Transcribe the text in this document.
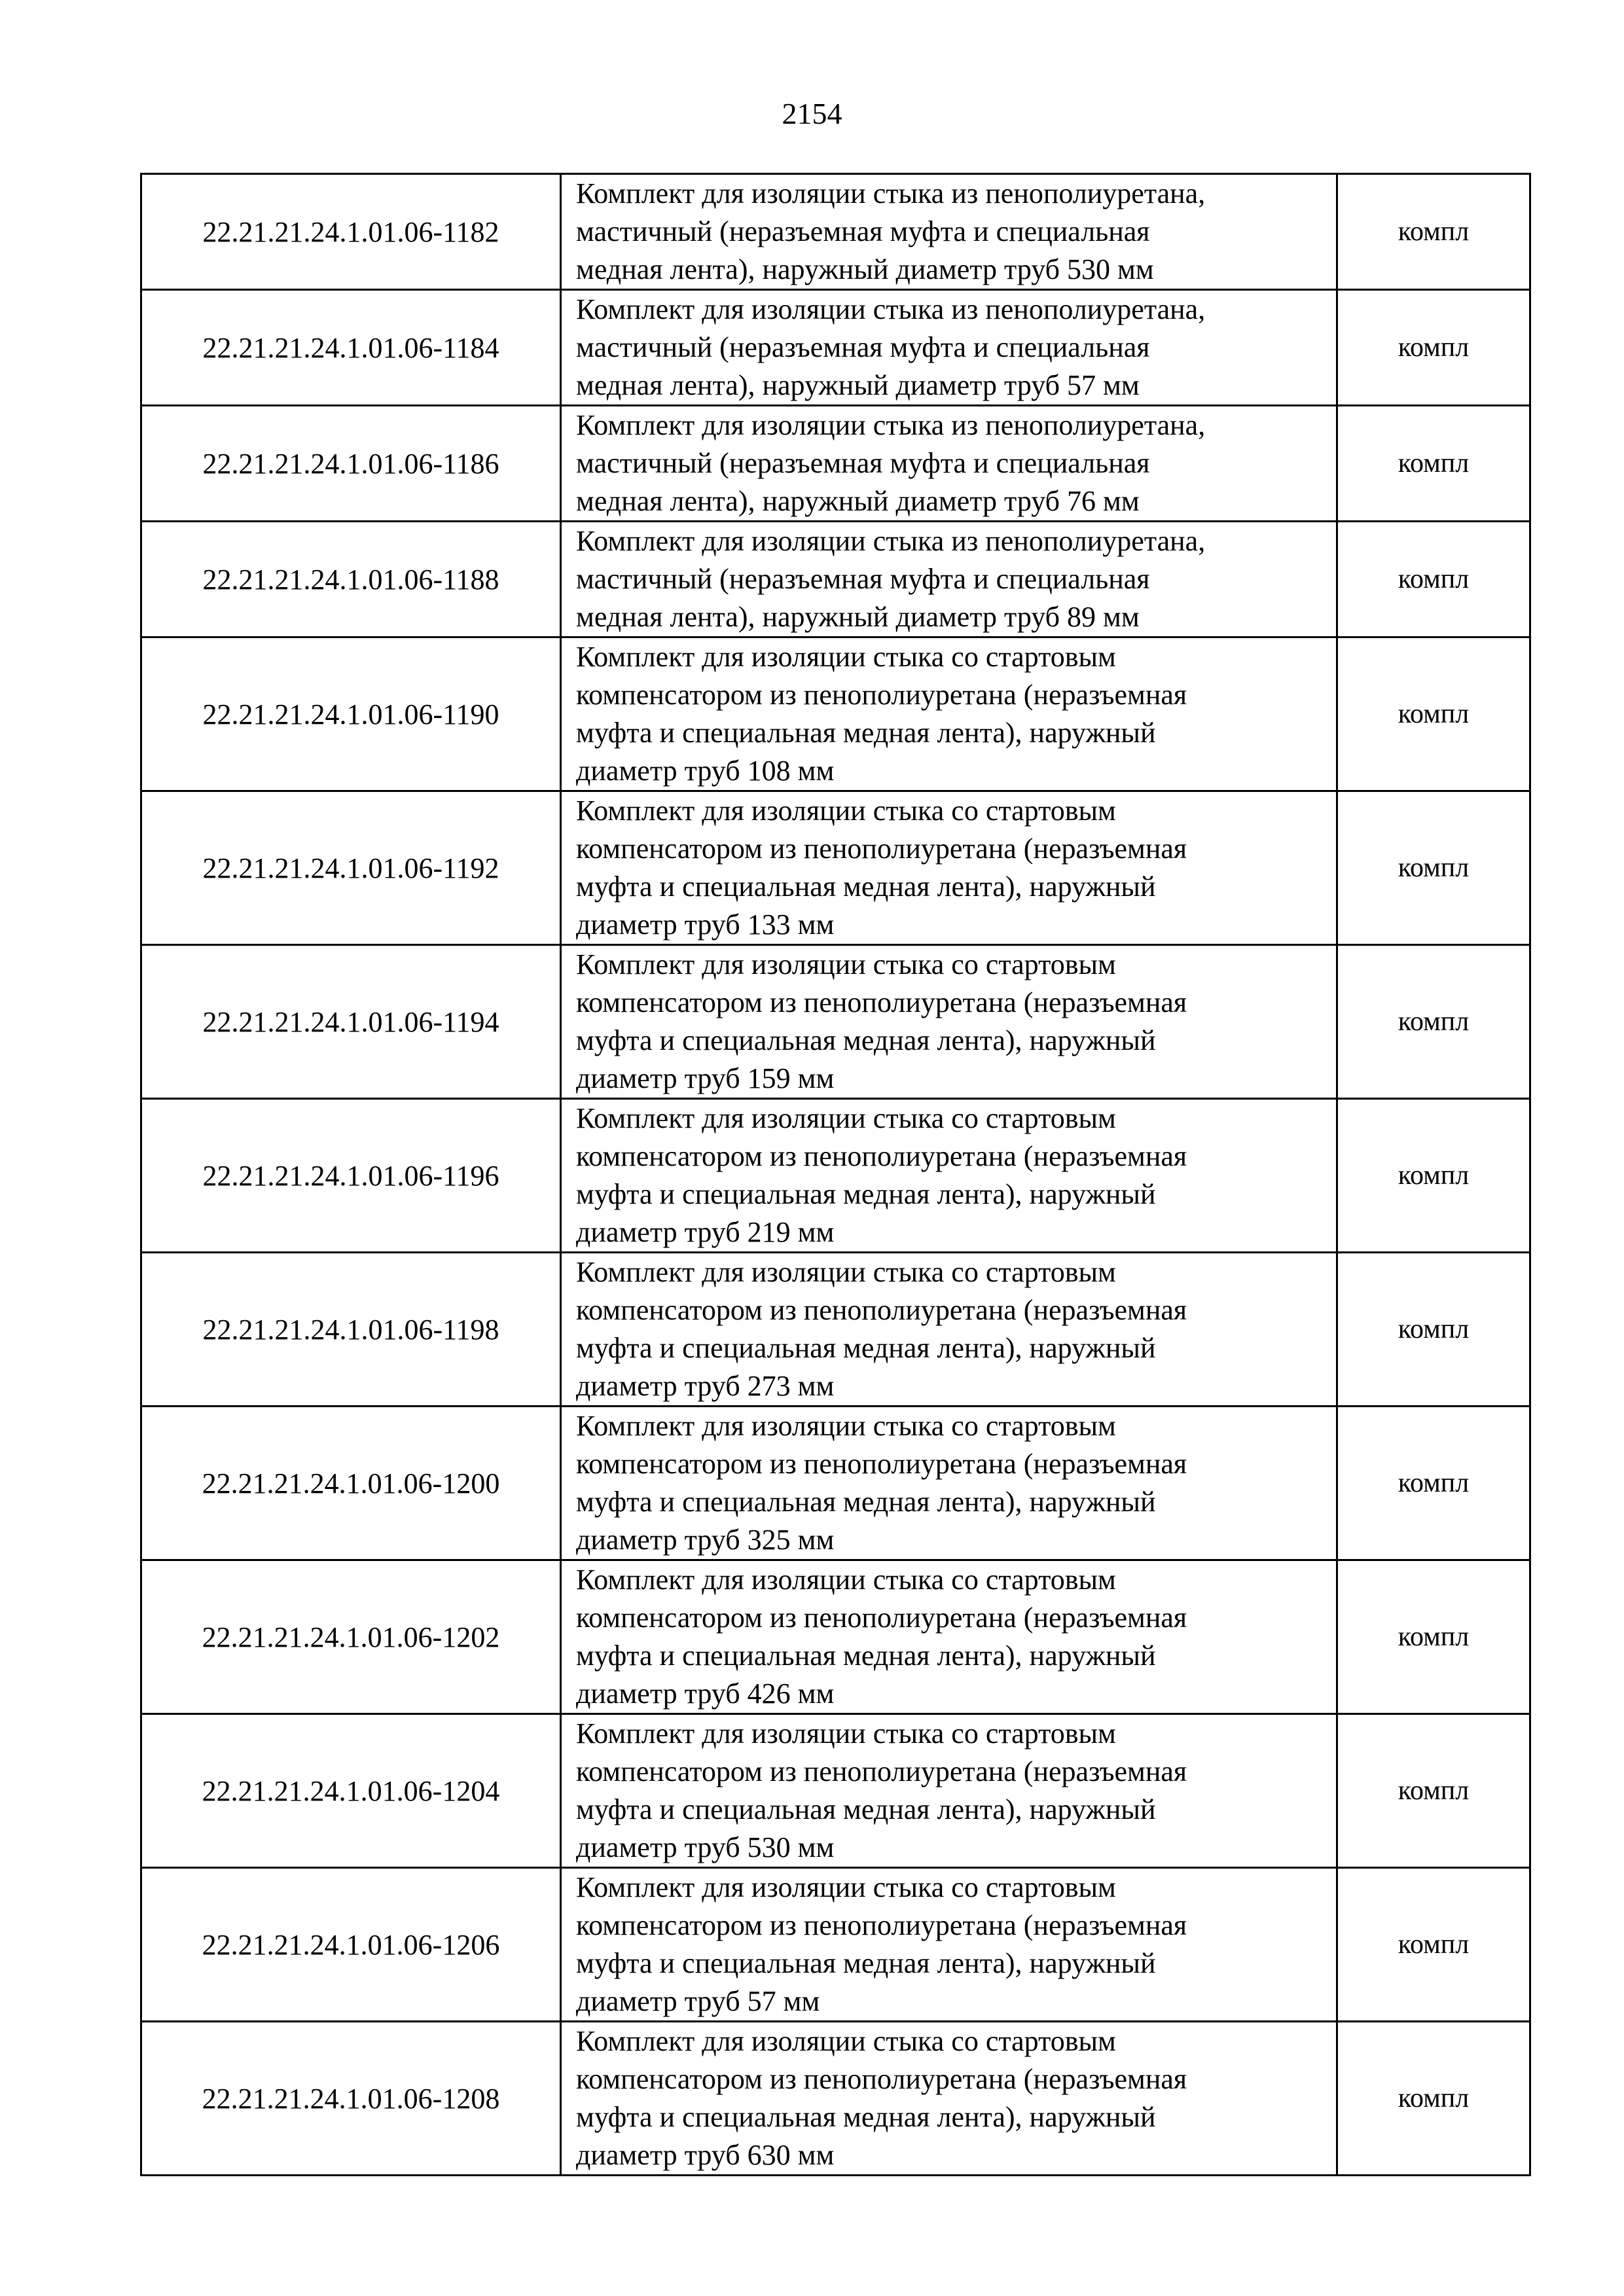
2154
22.21.21.24.1.01.06-1182	Комплект для изоляции стыка из пенополиуретана,
мастичный (неразъемная муфта и специальная
медная лента), наружный диаметр труб 530 мм	компл
22.21.21.24.1.01.06-1184	Комплект для изоляции стыка из пенополиуретана,
мастичный (неразъемная муфта и специальная
медная лента), наружный диаметр труб 57 мм	компл
22.21.21.24.1.01.06-1186	Комплект для изоляции стыка из пенополиуретана,
мастичный (неразъемная муфта и специальная
медная лента), наружный диаметр труб 76 мм	компл
22.21.21.24.1.01.06-1188	Комплект для изоляции стыка из пенополиуретана,
мастичный (неразъемная муфта и специальная
медная лента), наружный диаметр труб 89 мм	компл
22.21.21.24.1.01.06-1190	Комплект для изоляции стыка со стартовым
компенсатором из пенополиуретана (неразъемная
муфта и специальная медная лента), наружный
диаметр труб 108 мм	компл
22.21.21.24.1.01.06-1192	Комплект для изоляции стыка со стартовым
компенсатором из пенополиуретана (неразъемная
муфта и специальная медная лента), наружный
диаметр труб 133 мм	компл
22.21.21.24.1.01.06-1194	Комплект для изоляции стыка со стартовым
компенсатором из пенополиуретана (неразъемная
муфта и специальная медная лента), наружный
диаметр труб 159 мм	компл
22.21.21.24.1.01.06-1196	Комплект для изоляции стыка со стартовым
компенсатором из пенополиуретана (неразъемная
муфта и специальная медная лента), наружный
диаметр труб 219 мм	компл
22.21.21.24.1.01.06-1198	Комплект для изоляции стыка со стартовым
компенсатором из пенополиуретана (неразъемная
муфта и специальная медная лента), наружный
диаметр труб 273 мм	компл
22.21.21.24.1.01.06-1200	Комплект для изоляции стыка со стартовым
компенсатором из пенополиуретана (неразъемная
муфта и специальная медная лента), наружный
диаметр труб 325 мм	компл
22.21.21.24.1.01.06-1202	Комплект для изоляции стыка со стартовым
компенсатором из пенополиуретана (неразъемная
муфта и специальная медная лента), наружный
диаметр труб 426 мм	компл
22.21.21.24.1.01.06-1204	Комплект для изоляции стыка со стартовым
компенсатором из пенополиуретана (неразъемная
муфта и специальная медная лента), наружный
диаметр труб 530 мм	компл
22.21.21.24.1.01.06-1206	Комплект для изоляции стыка со стартовым
компенсатором из пенополиуретана (неразъемная
муфта и специальная медная лента), наружный
диаметр труб 57 мм	компл
22.21.21.24.1.01.06-1208	Комплект для изоляции стыка со стартовым
компенсатором из пенополиуретана (неразъемная
муфта и специальная медная лента), наружный
диаметр труб 630 мм	компл
